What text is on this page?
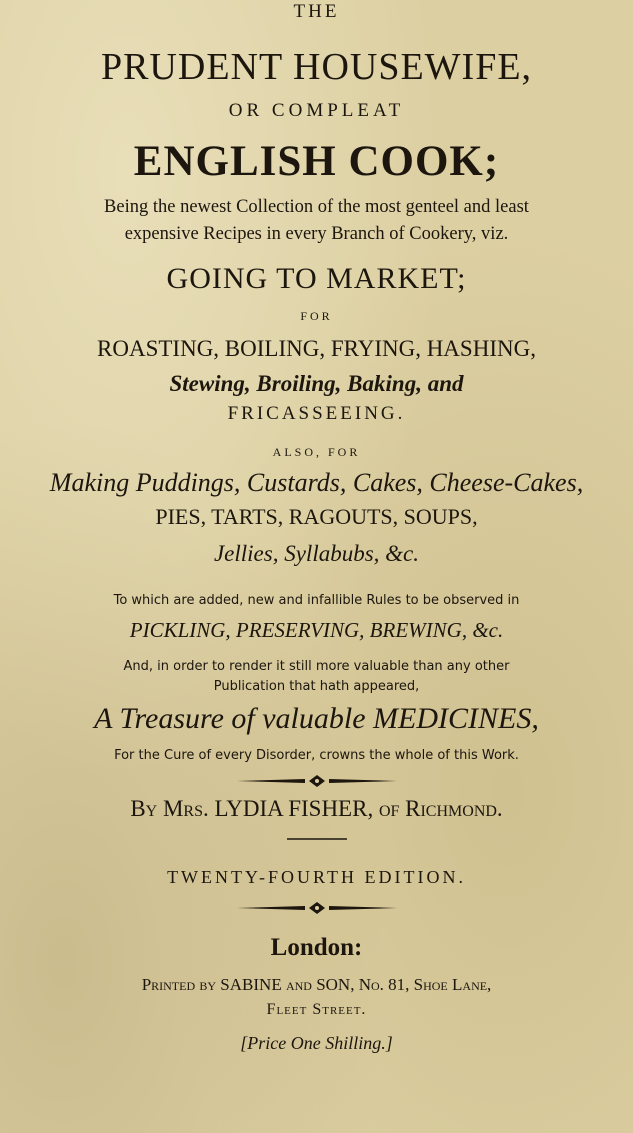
THE
PRUDENT HOUSEWIFE,
OR COMPLEAT
ENGLISH COOK;
Being the newest Collection of the most genteel and least
expensive Recipes in every Branch of Cookery, viz.
GOING TO MARKET;
FOR
ROASTING, BOILING, FRYING, HASHING,
Stewing, Broiling, Baking, and
FRICASSEEING.
ALSO, FOR
Making Puddings, Custards, Cakes, Cheese-Cakes,
PIES, TARTS, RAGOUTS, SOUPS,
Jellies, Syllabubs, &c.
To which are added, new and infallible Rules to be observed in
PICKLING, PRESERVING, BREWING, &c.
And, in order to render it still more valuable than any other
Publication that hath appeared,
A Treasure of valuable MEDICINES,
For the Cure of every Disorder, crowns the whole of this Work.
By Mrs. LYDIA FISHER, of Richmond.
TWENTY-FOURTH EDITION.
London:
Printed by SABINE and SON, No. 81, Shoe Lane,
Fleet Street.
[Price One Shilling.]
